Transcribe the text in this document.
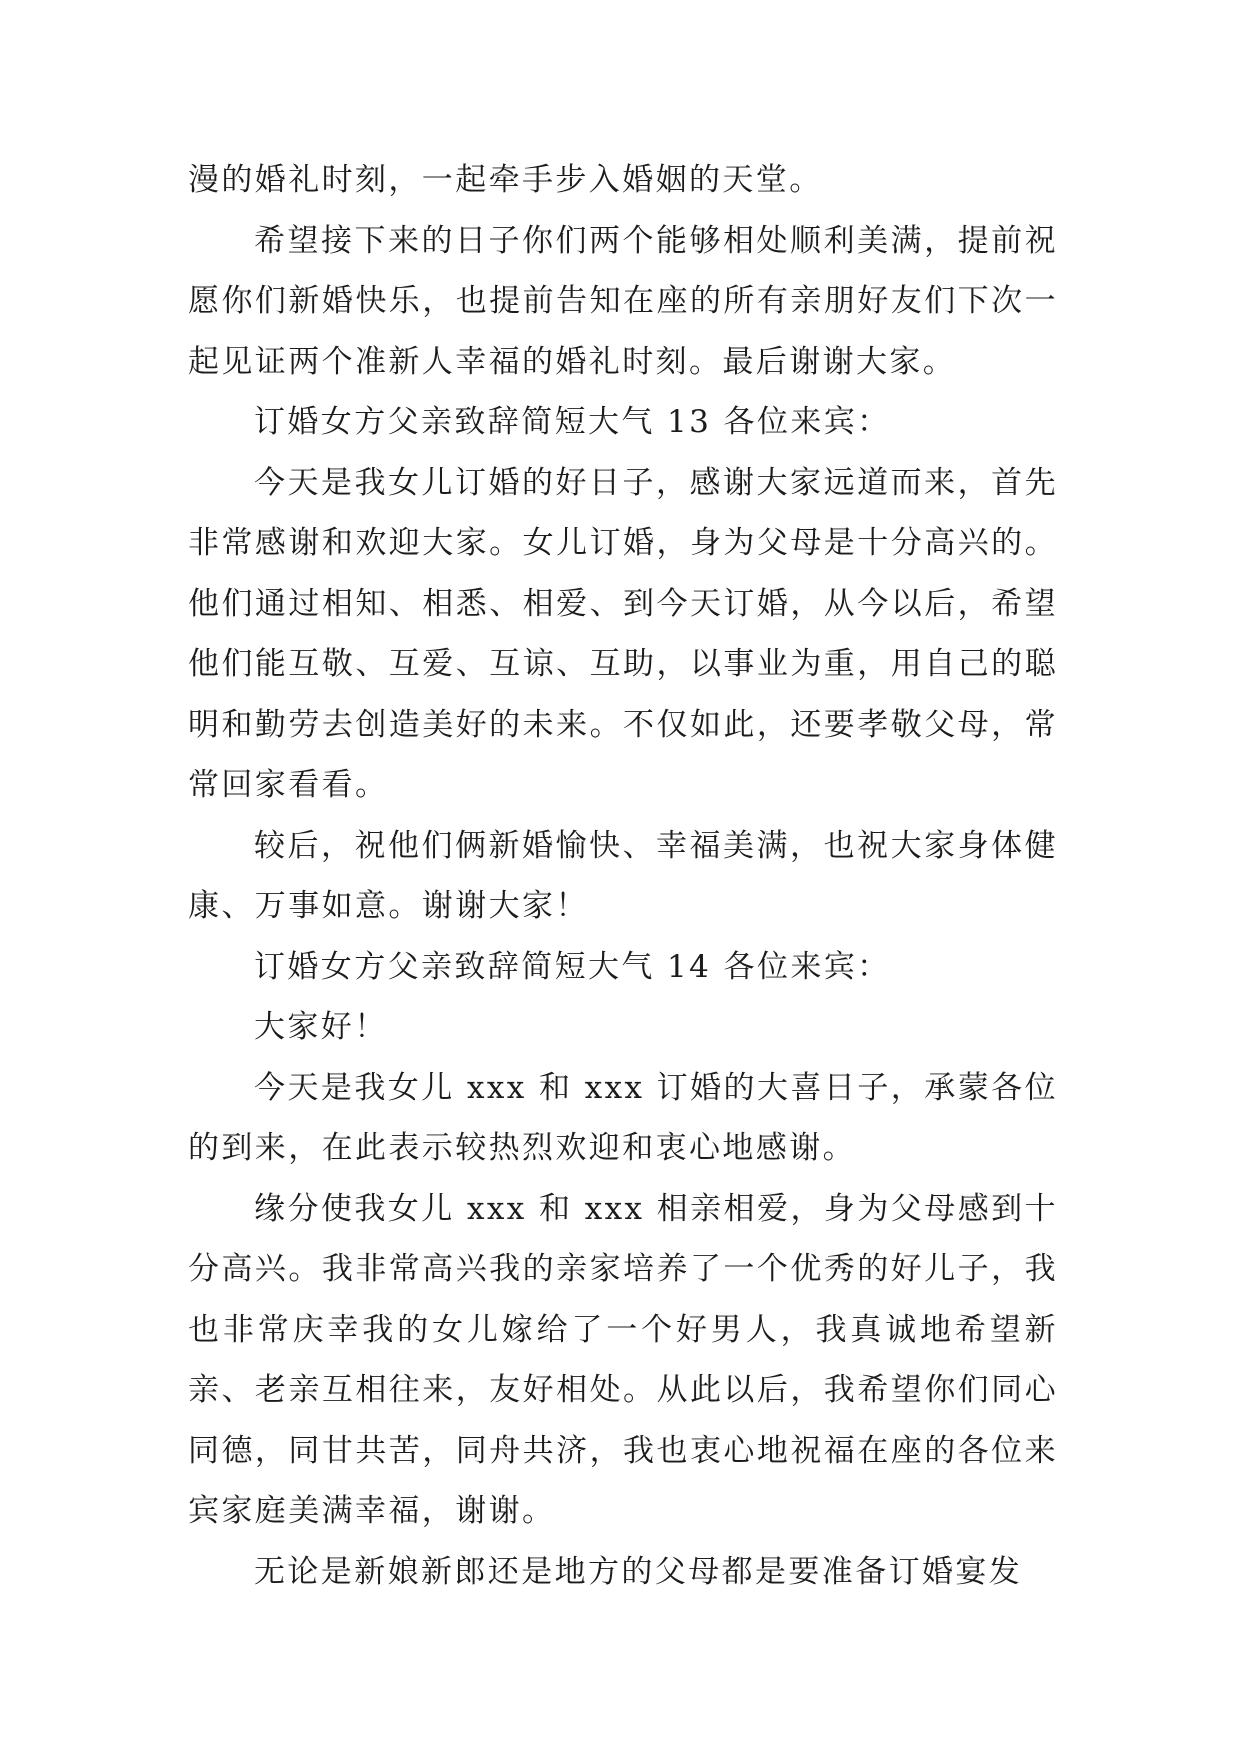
漫的婚礼时刻，一起牵手步入婚姻的天堂。

希望接下来的日子你们两个能够相处顺利美满，提前祝愿你们新婚快乐，也提前告知在座的所有亲朋好友们下次一起见证两个准新人幸福的婚礼时刻。最后谢谢大家。

订婚女方父亲致辞简短大气 13 各位来宾：

今天是我女儿订婚的好日子，感谢大家远道而来，首先非常感谢和欢迎大家。女儿订婚，身为父母是十分高兴的。他们通过相知、相悉、相爱、到今天订婚，从今以后，希望他们能互敬、互爱、互谅、互助，以事业为重，用自己的聪明和勤劳去创造美好的未来。不仅如此，还要孝敬父母，常常回家看看。

较后，祝他们俩新婚愉快、幸福美满，也祝大家身体健康、万事如意。谢谢大家！

订婚女方父亲致辞简短大气 14 各位来宾：

大家好！

今天是我女儿 xxx 和 xxx 订婚的大喜日子，承蒙各位的到来，在此表示较热烈欢迎和衷心地感谢。

缘分使我女儿 xxx 和 xxx 相亲相爱，身为父母感到十分高兴。我非常高兴我的亲家培养了一个优秀的好儿子，我也非常庆幸我的女儿嫁给了一个好男人，我真诚地希望新亲、老亲互相往来，友好相处。从此以后，我希望你们同心同德，同甘共苦，同舟共济，我也衷心地祝福在座的各位来宾家庭美满幸福，谢谢。

无论是新娘新郎还是地方的父母都是要准备订婚宴发
